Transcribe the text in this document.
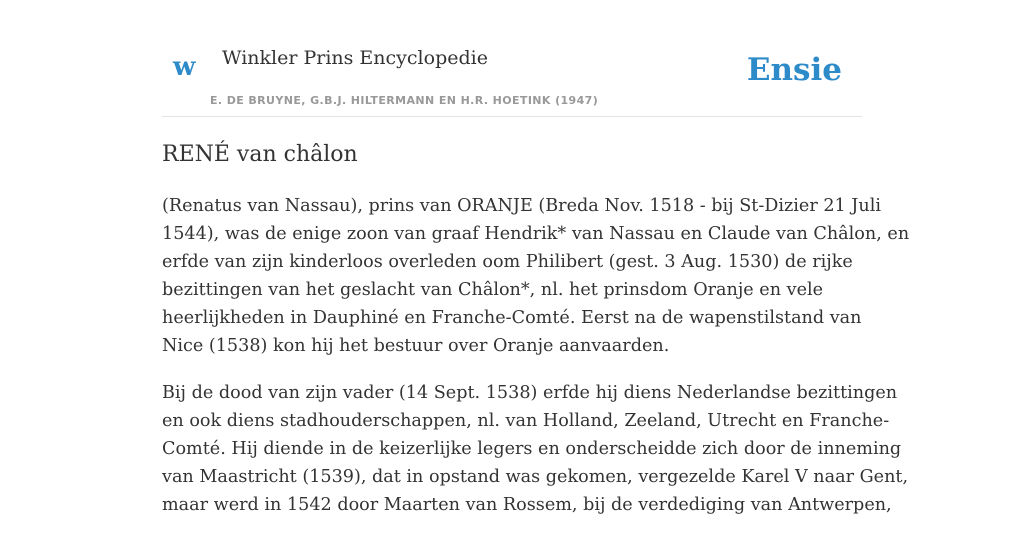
w Winkler Prins Encyclopedie
E. DE BRUYNE, G.B.J. HILTERMANN EN H.R. HOETINK (1947)
Ensie
RENÉ van châlon

(Renatus van Nassau), prins van ORANJE (Breda Nov. 1518 - bij St-Dizier 21 Juli
1544), was de enige zoon van graaf Hendrik* van Nassau en Claude van Châlon, en
erfde van zijn kinderloos overleden oom Philibert (gest. 3 Aug. 1530) de rijke
bezittingen van het geslacht van Châlon*, nl. het prinsdom Oranje en vele
heerlijkheden in Dauphiné en Franche-Comté. Eerst na de wapenstilstand van
Nice (1538) kon hij het bestuur over Oranje aanvaarden.

Bij de dood van zijn vader (14 Sept. 1538) erfde hij diens Nederlandse bezittingen
en ook diens stadhouderschappen, nl. van Holland, Zeeland, Utrecht en Franche-
Comté. Hij diende in de keizerlijke legers en onderscheidde zich door de inneming
van Maastricht (1539), dat in opstand was gekomen, vergezelde Karel V naar Gent,
maar werd in 1542 door Maarten van Rossem, bij de verdediging van Antwerpen,
